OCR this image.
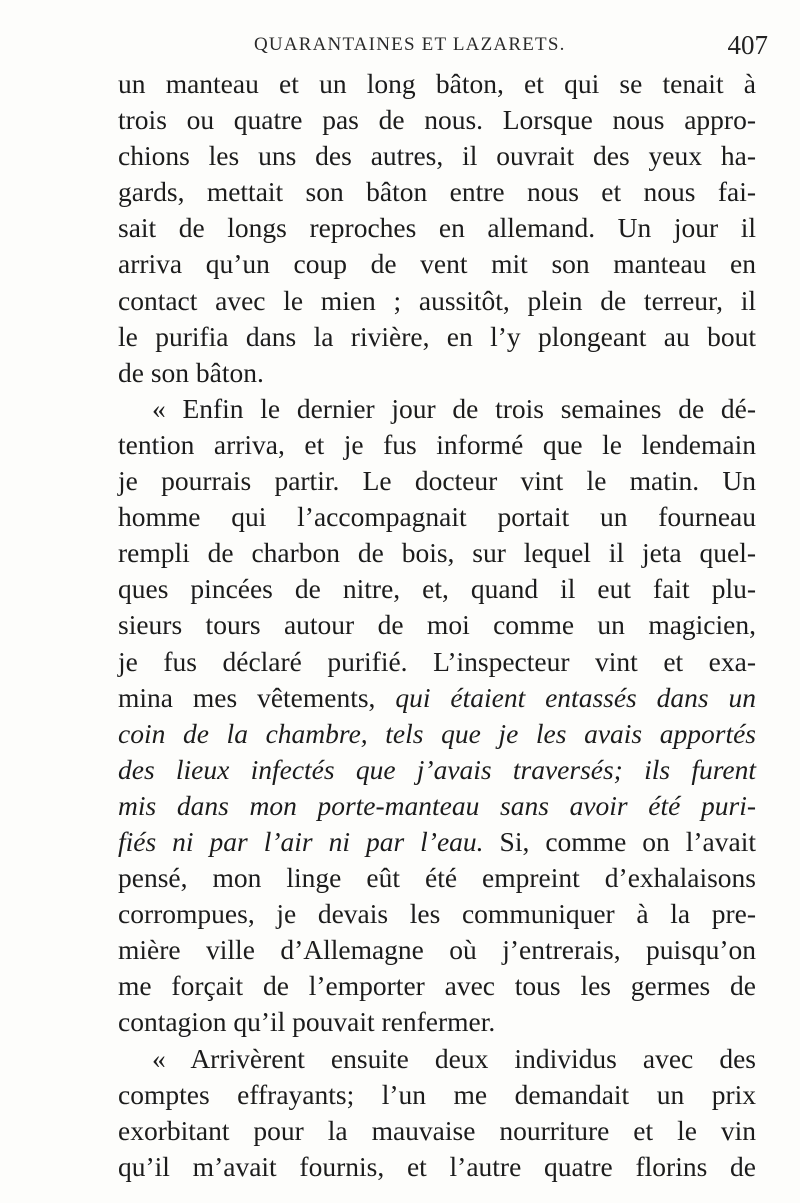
QUARANTAINES ET LAZARETS.	407
un manteau et un long bâton, et qui se tenait à
trois ou quatre pas de nous. Lorsque nous appro-
chions les uns des autres, il ouvrait des yeux ha-
gards, mettait son bâton entre nous et nous fai-
sait de longs reproches en allemand. Un jour il
arriva qu’un coup de vent mit son manteau en
contact avec le mien ; aussitôt, plein de terreur, il
le purifia dans la rivière, en l’y plongeant au bout
de son bâton.
« Enfin le dernier jour de trois semaines de dé-
tention arriva, et je fus informé que le lendemain
je pourrais partir. Le docteur vint le matin. Un
homme qui l’accompagnait portait un fourneau
rempli de charbon de bois, sur lequel il jeta quel-
ques pincées de nitre, et, quand il eut fait plu-
sieurs tours autour de moi comme un magicien,
je fus déclaré purifié. L’inspecteur vint et exa-
mina mes vêtements, qui étaient entassés dans un
coin de la chambre, tels que je les avais apportés
des lieux infectés que j’avais traversés; ils furent
mis dans mon porte-manteau sans avoir été puri-
fiés ni par l’air ni par l’eau. Si, comme on l’avait
pensé, mon linge eût été empreint d’exhalaisons
corrompues, je devais les communiquer à la pre-
mière ville d’Allemagne où j’entrerais, puisqu’on
me forçait de l’emporter avec tous les germes de
contagion qu’il pouvait renfermer.
« Arrivèrent ensuite deux individus avec des
comptes effrayants; l’un me demandait un prix
exorbitant pour la mauvaise nourriture et le vin
qu’il m’avait fournis, et l’autre quatre florins de
